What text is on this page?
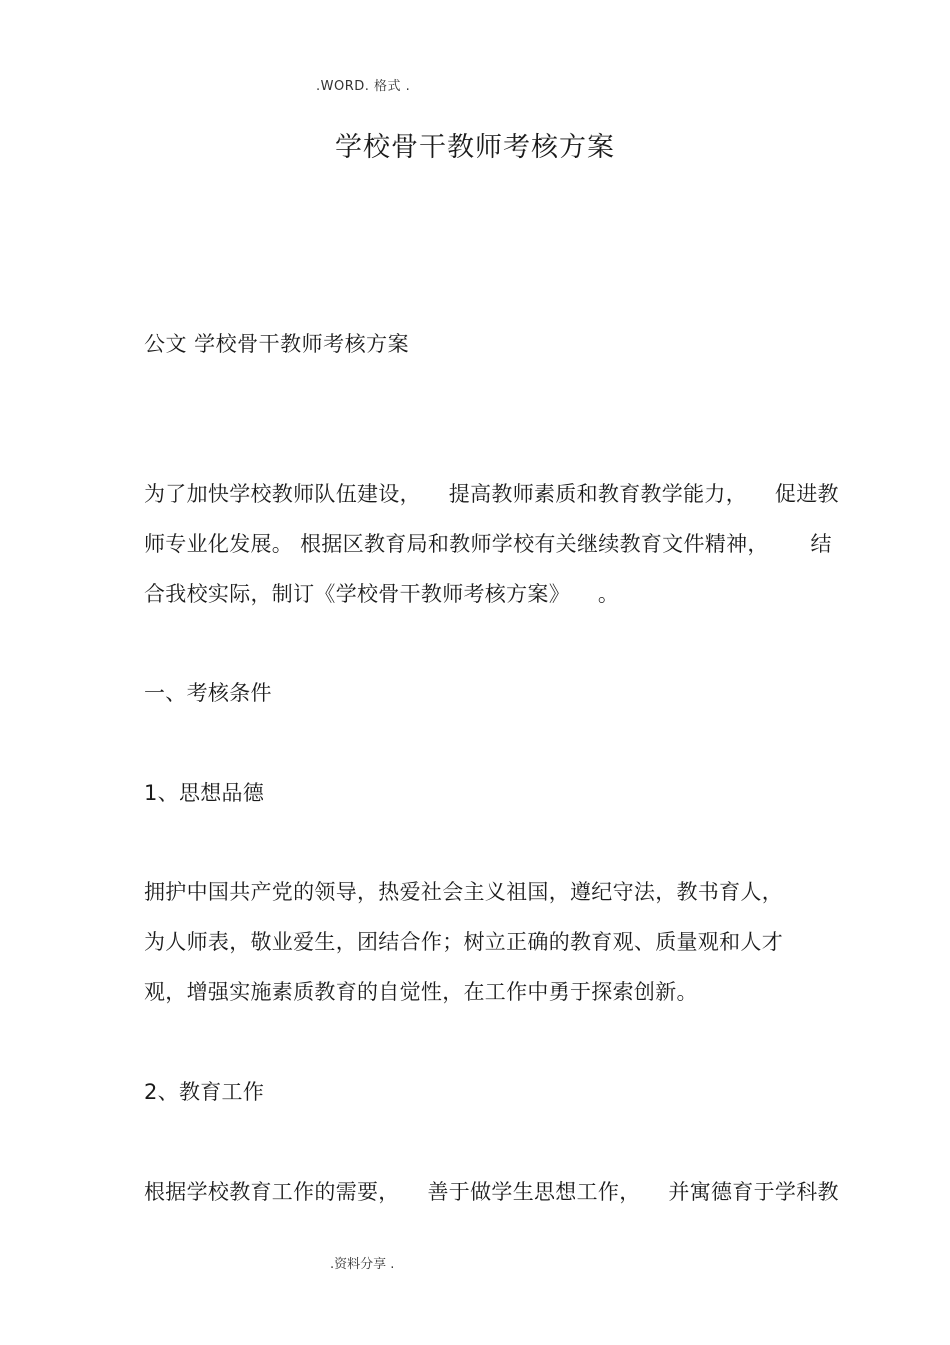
.WORD. 格式 .
学校骨干教师考核方案
公文 学校骨干教师考核方案
为了加快学校教师队伍建设，    提高教师素质和教育教学能力，    促进教
师专业化发展。 根据区教育局和教师学校有关继续教育文件精神，      结
合我校实际，制订《学校骨干教师考核方案》    。
一、考核条件
1、思想品德
拥护中国共产党的领导，热爱社会主义祖国，遵纪守法，教书育人，
为人师表，敬业爱生，团结合作；树立正确的教育观、质量观和人才
观，增强实施素质教育的自觉性，在工作中勇于探索创新。
2、教育工作
根据学校教育工作的需要，    善于做学生思想工作，    并寓德育于学科教
.资料分享 .
